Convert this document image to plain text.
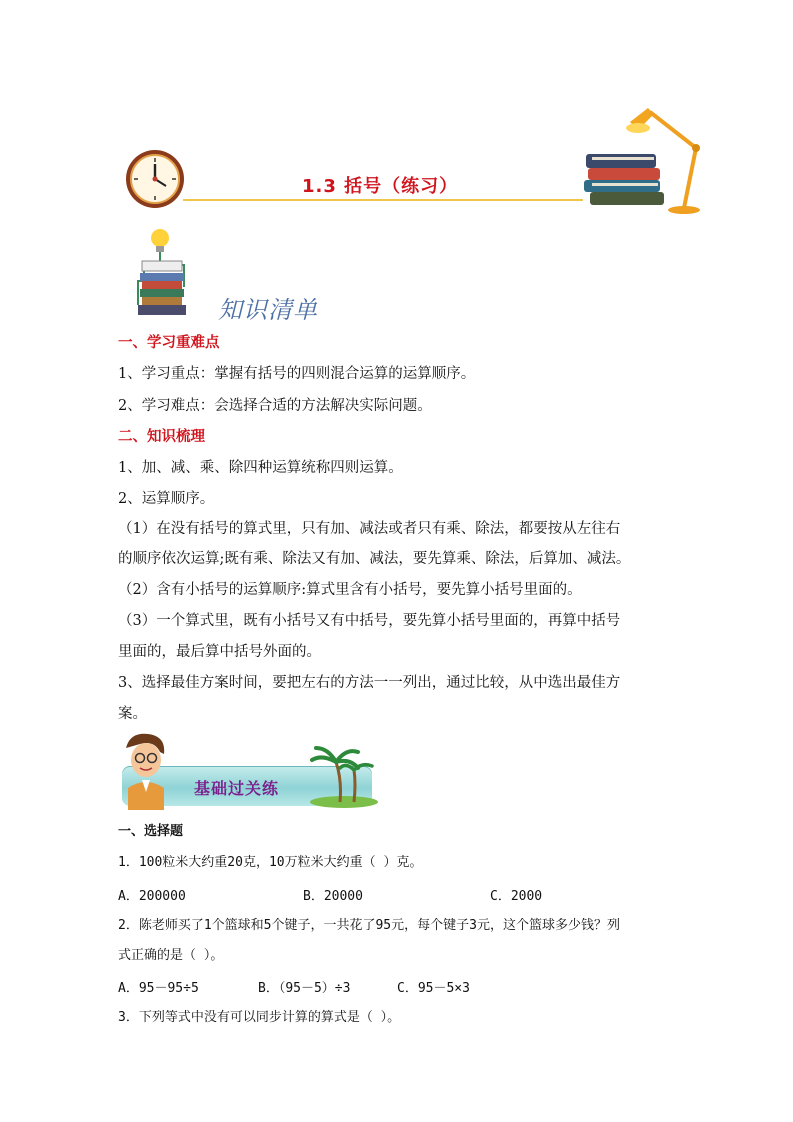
1.3 括号（练习）
知识清单
一、学习重难点
1、学习重点：掌握有括号的四则混合运算的运算顺序。
2、学习难点：会选择合适的方法解决实际问题。
二、知识梳理
1、加、减、乘、除四种运算统称四则运算。
2、运算顺序。
（1）在没有括号的算式里，只有加、减法或者只有乘、除法，都要按从左往右
的顺序依次运算;既有乘、除法又有加、减法，要先算乘、除法，后算加、减法。
（2）含有小括号的运算顺序:算式里含有小括号，要先算小括号里面的。
（3）一个算式里，既有小括号又有中括号，要先算小括号里面的，再算中括号
里面的，最后算中括号外面的。
3、选择最佳方案时间，要把左右的方法一一列出，通过比较，从中选出最佳方
案。
基础过关练
一、选择题
1．100粒米大约重20克，10万粒米大约重（ ）克。
A．200000	B．20000	C．2000
2．陈老师买了1个篮球和5个键子，一共花了95元，每个键子3元，这个篮球多少钱？列
式正确的是（ ）。
A．95－95÷5	B．（95－5）÷3	C．95－5×3
3．下列等式中没有可以同步计算的算式是（ ）。
